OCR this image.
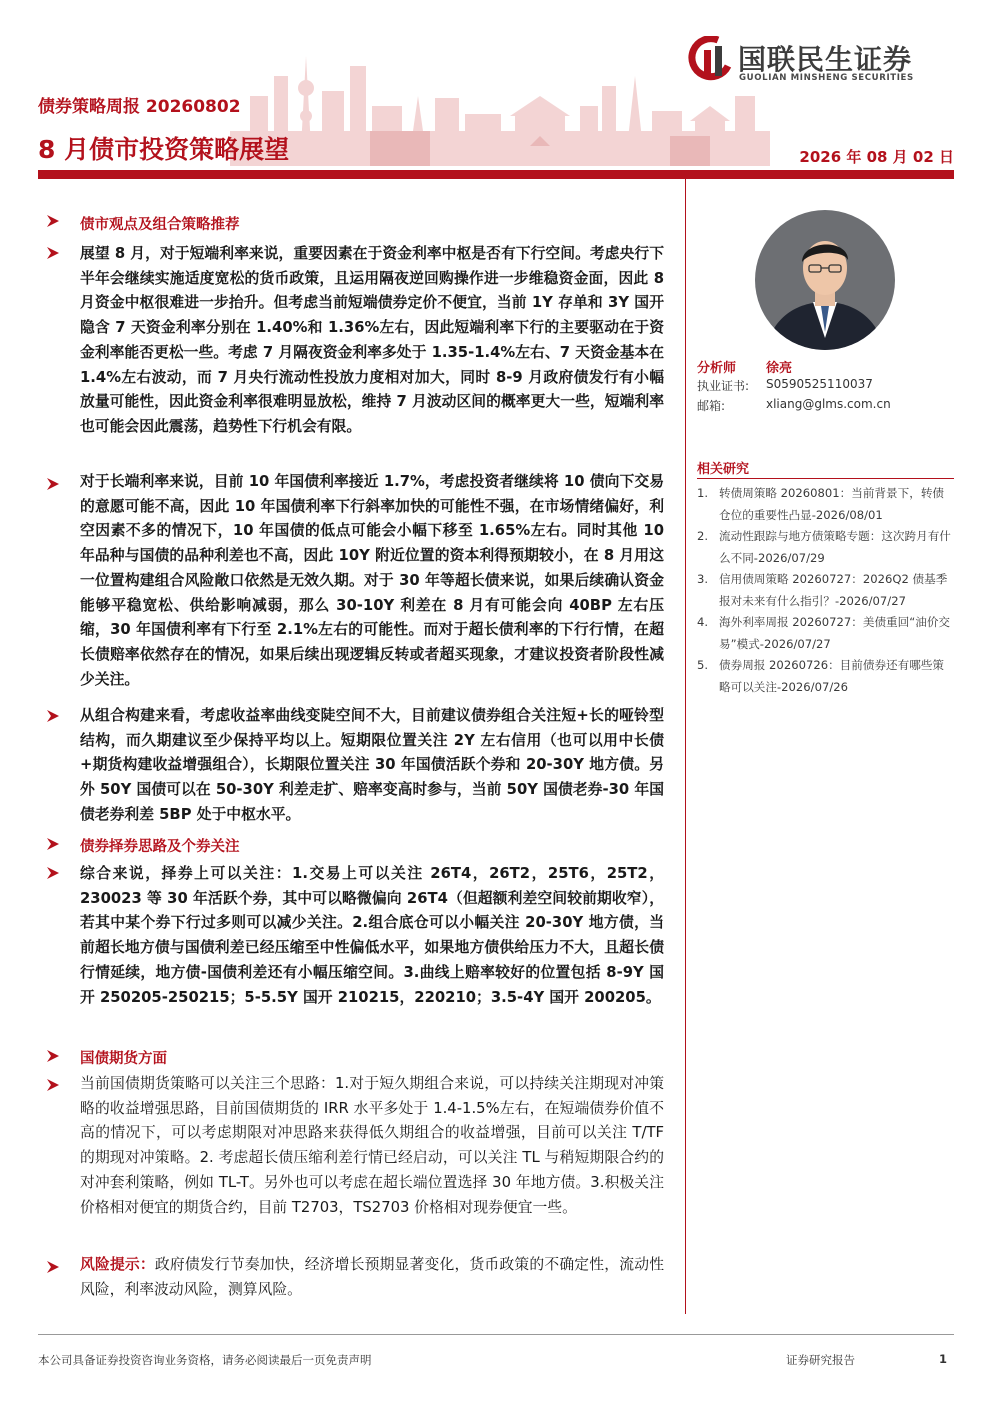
国联民生证券
GUOLIAN MINSHENG SECURITIES
债券策略周报 20260802
8 月债市投资策略展望	2026 年 08 月 02 日
债市观点及组合策略推荐
展望 8 月，对于短端利率来说，重要因素在于资金利率中枢是否有下行空间。考虑央行下半年会继续实施适度宽松的货币政策，且运用隔夜逆回购操作进一步维稳资金面，因此 8 月资金中枢很难进一步抬升。但考虑当前短端债券定价不便宜，当前 1Y 存单和 3Y 国开隐含 7 天资金利率分别在 1.40%和 1.36%左右，因此短端利率下行的主要驱动在于资金利率能否更松一些。考虑 7 月隔夜资金利率多处于 1.35-1.4%左右、7 天资金基本在 1.4%左右波动，而 7 月央行流动性投放力度相对加大，同时 8-9 月政府债发行有小幅放量可能性，因此资金利率很难明显放松，维持 7 月波动区间的概率更大一些，短端利率也可能会因此震荡，趋势性下行机会有限。
对于长端利率来说，目前 10 年国债利率接近 1.7%，考虑投资者继续将 10 债向下交易的意愿可能不高，因此 10 年国债利率下行斜率加快的可能性不强，在市场情绪偏好，利空因素不多的情况下，10 年国债的低点可能会小幅下移至 1.65%左右。同时其他 10 年品种与国债的品种利差也不高，因此 10Y 附近位置的资本利得预期较小，在 8 月用这一位置构建组合风险敞口依然是无效久期。对于 30 年等超长债来说，如果后续确认资金能够平稳宽松、供给影响减弱，那么 30-10Y 利差在 8 月有可能会向 40BP 左右压缩，30 年国债利率有下行至 2.1%左右的可能性。而对于超长债利率的下行行情，在超长债赔率依然存在的情况，如果后续出现逻辑反转或者超买现象，才建议投资者阶段性减少关注。
从组合构建来看，考虑收益率曲线变陡空间不大，目前建议债券组合关注短+长的哑铃型结构，而久期建议至少保持平均以上。短期限位置关注 2Y 左右信用（也可以用中长债+期货构建收益增强组合），长期限位置关注 30 年国债活跃个券和 20-30Y 地方债。另外 50Y 国债可以在 50-30Y 利差走扩、赔率变高时参与，当前 50Y 国债老券-30 年国债老券利差 5BP 处于中枢水平。
债券择券思路及个券关注
综合来说，择券上可以关注：1.交易上可以关注 26T4，26T2，25T6，25T2，230023 等 30 年活跃个券，其中可以略微偏向 26T4（但超额利差空间较前期收窄），若其中某个券下行过多则可以减少关注。2.组合底仓可以小幅关注 20-30Y 地方债，当前超长地方债与国债利差已经压缩至中性偏低水平，如果地方债供给压力不大，且超长债行情延续，地方债-国债利差还有小幅压缩空间。3.曲线上赔率较好的位置包括 8-9Y 国开 250205-250215；5-5.5Y 国开 210215，220210；3.5-4Y 国开 200205。
国债期货方面
当前国债期货策略可以关注三个思路：1.对于短久期组合来说，可以持续关注期现对冲策略的收益增强思路，目前国债期货的 IRR 水平多处于 1.4-1.5%左右，在短端债券价值不高的情况下，可以考虑期限对冲思路来获得低久期组合的收益增强，目前可以关注 T/TF 的期现对冲策略。2. 考虑超长债压缩利差行情已经启动，可以关注 TL 与稍短期限合约的对冲套利策略，例如 TL-T。另外也可以考虑在超长端位置选择 30 年地方债。3.积极关注价格相对便宜的期货合约，目前 T2703，TS2703 价格相对现券便宜一些。
风险提示：政府债发行节奏加快，经济增长预期显著变化，货币政策的不确定性，流动性风险，利率波动风险，测算风险。
分析师 徐亮
执业证书: S0590525110037
邮箱:	xliang@glms.com.cn
相关研究
1. 转债周策略 20260801：当前背景下，转债仓位的重要性凸显-2026/08/01
2. 流动性跟踪与地方债策略专题：这次跨月有什么不同-2026/07/29
3. 信用债周策略 20260727：2026Q2 债基季报对未来有什么指引？-2026/07/27
4. 海外利率周报 20260727：美债重回“油价交易”模式-2026/07/27
5. 债券周报 20260726：目前债券还有哪些策略可以关注-2026/07/26
本公司具备证券投资咨询业务资格，请务必阅读最后一页免责声明	证券研究报告	1
